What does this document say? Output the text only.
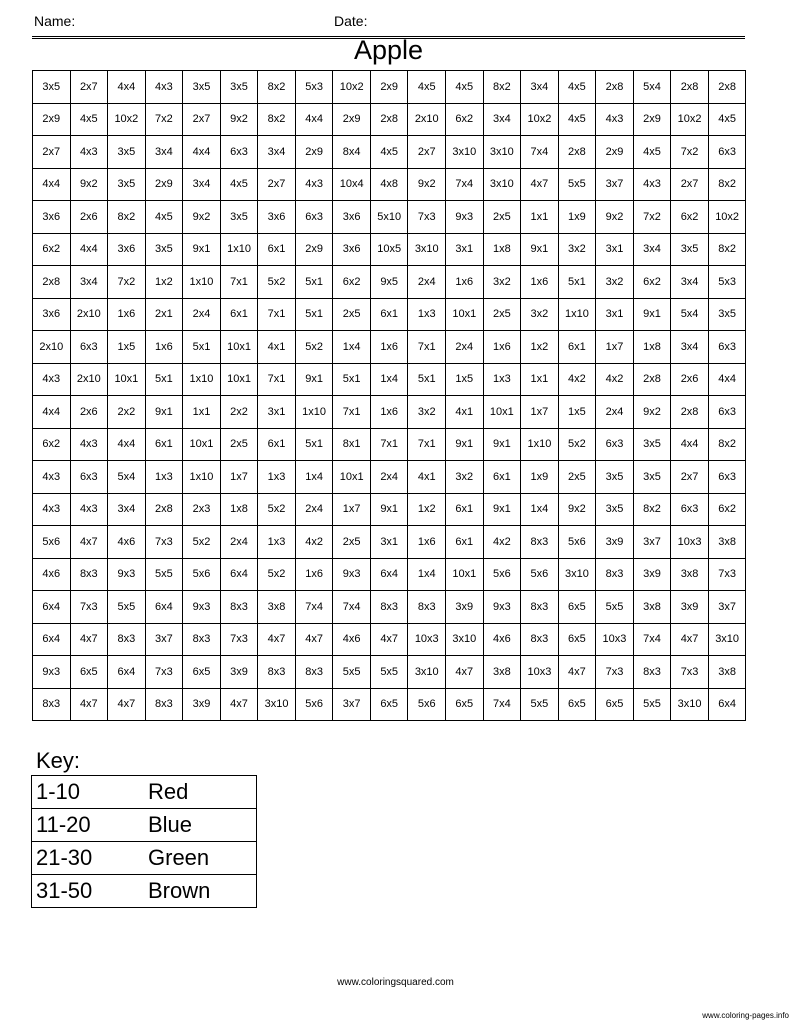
Name:	Date:
Apple
3x5	2x7	4x4	4x3	3x5	3x5	8x2	5x3	10x2	2x9	4x5	4x5	8x2	3x4	4x5	2x8	5x4	2x8	2x8
2x9	4x5	10x2	7x2	2x7	9x2	8x2	4x4	2x9	2x8	2x10	6x2	3x4	10x2	4x5	4x3	2x9	10x2	4x5
2x7	4x3	3x5	3x4	4x4	6x3	3x4	2x9	8x4	4x5	2x7	3x10	3x10	7x4	2x8	2x9	4x5	7x2	6x3
4x4	9x2	3x5	2x9	3x4	4x5	2x7	4x3	10x4	4x8	9x2	7x4	3x10	4x7	5x5	3x7	4x3	2x7	8x2
3x6	2x6	8x2	4x5	9x2	3x5	3x6	6x3	3x6	5x10	7x3	9x3	2x5	1x1	1x9	9x2	7x2	6x2	10x2
6x2	4x4	3x6	3x5	9x1	1x10	6x1	2x9	3x6	10x5	3x10	3x1	1x8	9x1	3x2	3x1	3x4	3x5	8x2
2x8	3x4	7x2	1x2	1x10	7x1	5x2	5x1	6x2	9x5	2x4	1x6	3x2	1x6	5x1	3x2	6x2	3x4	5x3
3x6	2x10	1x6	2x1	2x4	6x1	7x1	5x1	2x5	6x1	1x3	10x1	2x5	3x2	1x10	3x1	9x1	5x4	3x5
2x10	6x3	1x5	1x6	5x1	10x1	4x1	5x2	1x4	1x6	7x1	2x4	1x6	1x2	6x1	1x7	1x8	3x4	6x3
4x3	2x10	10x1	5x1	1x10	10x1	7x1	9x1	5x1	1x4	5x1	1x5	1x3	1x1	4x2	4x2	2x8	2x6	4x4
4x4	2x6	2x2	9x1	1x1	2x2	3x1	1x10	7x1	1x6	3x2	4x1	10x1	1x7	1x5	2x4	9x2	2x8	6x3
6x2	4x3	4x4	6x1	10x1	2x5	6x1	5x1	8x1	7x1	7x1	9x1	9x1	1x10	5x2	6x3	3x5	4x4	8x2
4x3	6x3	5x4	1x3	1x10	1x7	1x3	1x4	10x1	2x4	4x1	3x2	6x1	1x9	2x5	3x5	3x5	2x7	6x3
4x3	4x3	3x4	2x8	2x3	1x8	5x2	2x4	1x7	9x1	1x2	6x1	9x1	1x4	9x2	3x5	8x2	6x3	6x2
5x6	4x7	4x6	7x3	5x2	2x4	1x3	4x2	2x5	3x1	1x6	6x1	4x2	8x3	5x6	3x9	3x7	10x3	3x8
4x6	8x3	9x3	5x5	5x6	6x4	5x2	1x6	9x3	6x4	1x4	10x1	5x6	5x6	3x10	8x3	3x9	3x8	7x3
6x4	7x3	5x5	6x4	9x3	8x3	3x8	7x4	7x4	8x3	8x3	3x9	9x3	8x3	6x5	5x5	3x8	3x9	3x7
6x4	4x7	8x3	3x7	8x3	7x3	4x7	4x7	4x6	4x7	10x3	3x10	4x6	8x3	6x5	10x3	7x4	4x7	3x10
9x3	6x5	6x4	7x3	6x5	3x9	8x3	8x3	5x5	5x5	3x10	4x7	3x8	10x3	4x7	7x3	8x3	7x3	3x8
8x3	4x7	4x7	8x3	3x9	4x7	3x10	5x6	3x7	6x5	5x6	6x5	7x4	5x5	6x5	6x5	5x5	3x10	6x4
Key:
1-10	Red
11-20	Blue
21-30	Green
31-50	Brown
www.coloringsquared.com
www.coloring-pages.info
